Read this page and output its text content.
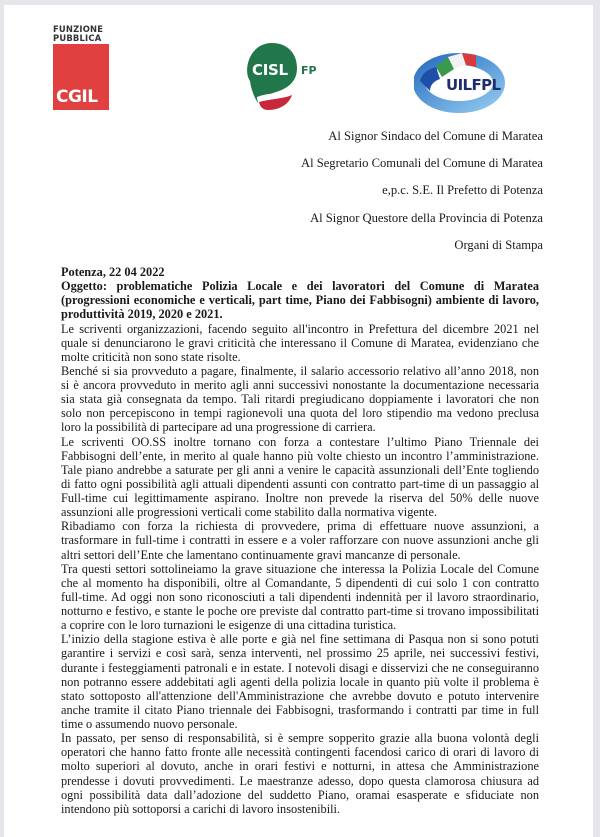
FUNZIONE
PUBBLICA
CGIL
CISL FP
UILFPL
Al Signor Sindaco del Comune di Maratea
Al Segretario Comunali del Comune di Maratea
e,p.c. S.E. Il Prefetto di Potenza
Al Signor Questore della Provincia di Potenza
Organi di Stampa

Potenza, 22 04 2022

Oggetto: problematiche Polizia Locale e dei lavoratori del Comune di Maratea (progressioni economiche e verticali, part time, Piano dei Fabbisogni) ambiente di lavoro, produttività 2019, 2020 e 2021.

Le scriventi organizzazioni, facendo seguito all'incontro in Prefettura del dicembre 2021 nel quale si denunciarono le gravi criticità che interessano il Comune di Maratea, evidenziano che molte criticità non sono state risolte.

Benché si sia provveduto a pagare, finalmente, il salario accessorio relativo all’anno 2018, non si è ancora provveduto in merito agli anni successivi nonostante la documentazione necessaria sia stata già consegnata da tempo. Tali ritardi pregiudicano doppiamente i lavoratori che non solo non percepiscono in tempi ragionevoli una quota del loro stipendio ma vedono preclusa loro la possibilità di partecipare ad una progressione di carriera.

Le scriventi OO.SS inoltre tornano con forza a contestare l’ultimo Piano Triennale dei Fabbisogni dell’ente, in merito al quale hanno più volte chiesto un incontro l’amministrazione. Tale piano andrebbe a saturate per gli anni a venire le capacità assunzionali dell’Ente togliendo di fatto ogni possibilità agli attuali dipendenti assunti con contratto part-time di un passaggio al Full-time cui legittimamente aspirano. Inoltre non prevede la riserva del 50% delle nuove assunzioni alle progressioni verticali come stabilito dalla normativa vigente.

Ribadiamo con forza la richiesta di provvedere, prima di effettuare nuove assunzioni, a trasformare in full-time i contratti in essere e a voler rafforzare con nuove assunzioni anche gli altri settori dell’Ente che lamentano continuamente gravi mancanze di personale.

Tra questi settori sottolineiamo la grave situazione che interessa la Polizia Locale del Comune che al momento ha disponibili, oltre al Comandante, 5 dipendenti di cui solo 1 con contratto full-time. Ad oggi non sono riconosciuti a tali dipendenti indennità per il lavoro straordinario, notturno e festivo, e stante le poche ore previste dal contratto part-time si trovano impossibilitati a coprire con le loro turnazioni le esigenze di una cittadina turistica.

L’inizio della stagione estiva è alle porte e già nel fine settimana di Pasqua non si sono potuti garantire i servizi e così sarà, senza interventi, nel prossimo 25 aprile, nei successivi festivi, durante i festeggiamenti patronali e in estate. I notevoli disagi e disservizi che ne conseguiranno non potranno essere addebitati agli agenti della polizia locale in quanto più volte il problema è stato sottoposto all'attenzione dell'Amministrazione che avrebbe dovuto e potuto intervenire anche tramite il citato Piano triennale dei Fabbisogni, trasformando i contratti par time in full time o assumendo nuovo personale.

In passato, per senso di responsabilità, si è sempre sopperito grazie alla buona volontà degli operatori che hanno fatto fronte alle necessità contingenti facendosi carico di orari di lavoro di molto superiori al dovuto, anche in orari festivi e notturni, in attesa che Amministrazione prendesse i dovuti provvedimenti. Le maestranze adesso, dopo questa clamorosa chiusura ad ogni possibilità data dall’adozione del suddetto Piano, oramai esasperate e sfiduciate non intendono più sottoporsi a carichi di lavoro insostenibili.
